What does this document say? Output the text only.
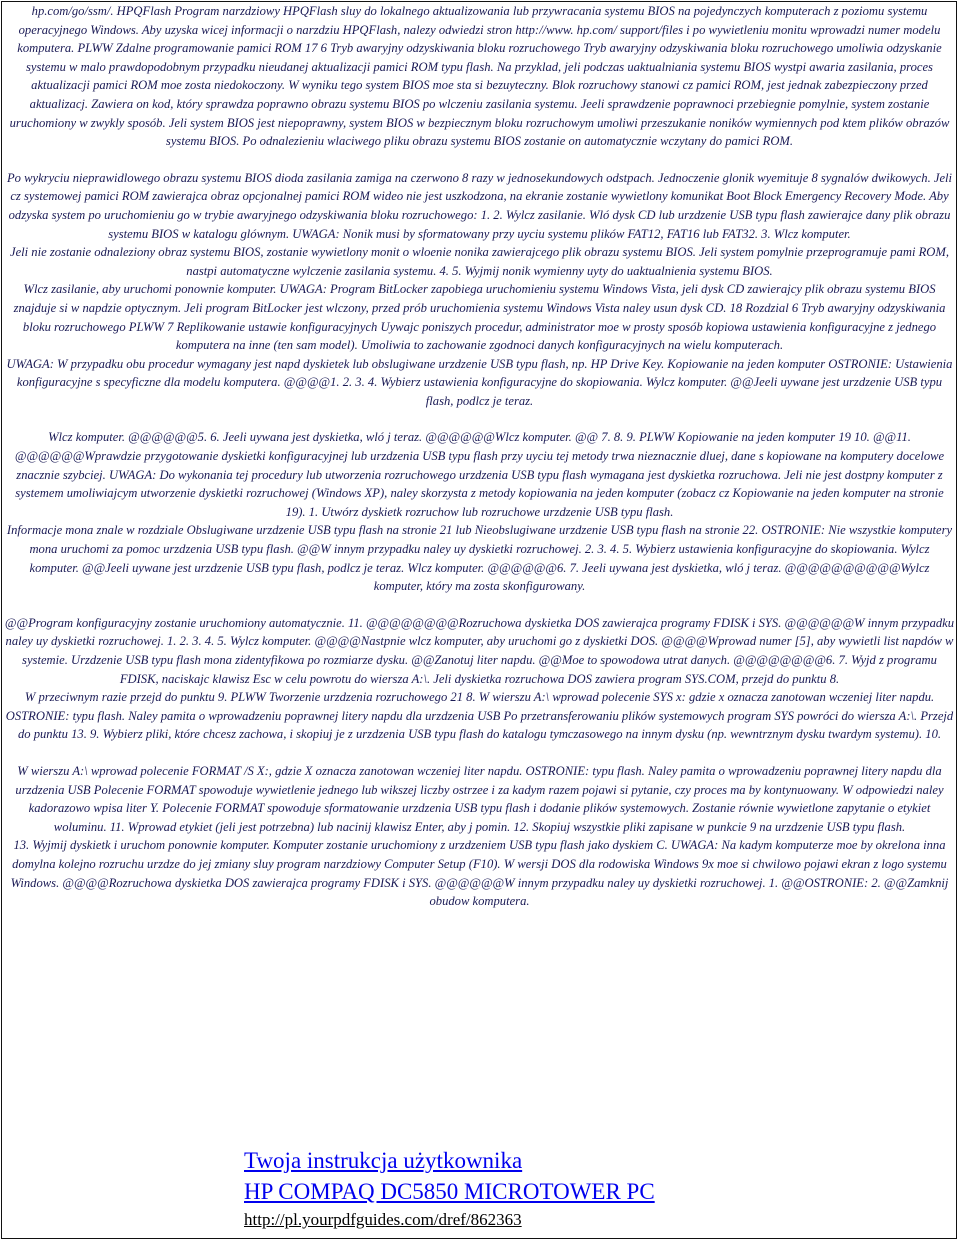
hp.com/go/ssm/. HPQFlash Program narzdziowy HPQFlash sluy do lokalnego aktualizowania lub przywracania systemu BIOS na pojedynczych komputerach z poziomu systemu operacyjnego Windows. Aby uzyska wicej informacji o narzdziu HPQFlash, nalezy odwiedzi stron http://www. hp.com/ support/files i po wywietleniu monitu wprowadzi numer modelu komputera. PLWW Zdalne programowanie pamici ROM 17 6 Tryb awaryjny odzyskiwania bloku rozruchowego Tryb awaryjny odzyskiwania bloku rozruchowego umoliwia odzyskanie systemu w malo prawdopodobnym przypadku nieudanej aktualizacji pamici ROM typu flash. Na przyklad, jeli podczas uaktualniania systemu BIOS wystpi awaria zasilania, proces aktualizacji pamici ROM moe zosta niedokoczony. W wyniku tego system BIOS moe sta si bezuyteczny. Blok rozruchowy stanowi cz pamici ROM, jest jednak zabezpieczony przed aktualizacj. Zawiera on kod, który sprawdza poprawno obrazu systemu BIOS po wlczeniu zasilania systemu. Jeeli sprawdzenie poprawnoci przebiegnie pomylnie, system zostanie uruchomiony w zwykly sposób. Jeli system BIOS jest niepoprawny, system BIOS w bezpiecznym bloku rozruchowym umoliwi przeszukanie noników wymiennych pod ktem plików obrazów systemu BIOS. Po odnalezieniu wlaciwego pliku obrazu systemu BIOS zostanie on automatycznie wczytany do pamici ROM.

Po wykryciu nieprawidlowego obrazu systemu BIOS dioda zasilania zamiga na czerwono 8 razy w jednosekundowych odstpach. Jednoczenie glonik wyemituje 8 sygnalów dwikowych. Jeli cz systemowej pamici ROM zawierajca obraz opcjonalnej pamici ROM wideo nie jest uszkodzona, na ekranie zostanie wywietlony komunikat Boot Block Emergency Recovery Mode. Aby odzyska system po uruchomieniu go w trybie awaryjnego odzyskiwania bloku rozruchowego: 1. 2. Wylcz zasilanie. Wló dysk CD lub urzdzenie USB typu flash zawierajce dany plik obrazu systemu BIOS w katalogu glównym. UWAGA: Nonik musi by sformatowany przy uyciu systemu plików FAT12, FAT16 lub FAT32. 3. Wlcz komputer.

Jeli nie zostanie odnaleziony obraz systemu BIOS, zostanie wywietlony monit o wloenie nonika zawierajcego plik obrazu systemu BIOS. Jeli system pomylnie przeprogramuje pami ROM, nastpi automatyczne wylczenie zasilania systemu. 4. 5. Wyjmij nonik wymienny uyty do uaktualnienia systemu BIOS.

Wlcz zasilanie, aby uruchomi ponownie komputer. UWAGA: Program BitLocker zapobiega uruchomieniu systemu Windows Vista, jeli dysk CD zawierajcy plik obrazu systemu BIOS znajduje si w napdzie optycznym. Jeli program BitLocker jest wlczony, przed prób uruchomienia systemu Windows Vista naley usun dysk CD. 18 Rozdzial 6 Tryb awaryjny odzyskiwania bloku rozruchowego PLWW 7 Replikowanie ustawie konfiguracyjnych Uywajc poniszych procedur, administrator moe w prosty sposób kopiowa ustawienia konfiguracyjne z jednego komputera na inne (ten sam model). Umoliwia to zachowanie zgodnoci danych konfiguracyjnych na wielu komputerach.

UWAGA: W przypadku obu procedur wymagany jest napd dyskietek lub obslugiwane urzdzenie USB typu flash, np. HP Drive Key. Kopiowanie na jeden komputer OSTRONIE: Ustawienia konfiguracyjne s specyficzne dla modelu komputera. @@@@1. 2. 3. 4. Wybierz ustawienia konfiguracyjne do skopiowania. Wylcz komputer. @@Jeeli uywane jest urzdzenie USB typu flash, podlcz je teraz.

Wlcz komputer. @@@@@@5. 6. Jeeli uywana jest dyskietka, wló j teraz. @@@@@@Wlcz komputer. @@ 7. 8. 9. PLWW Kopiowanie na jeden komputer 19 10. @@11.

@@@@@@Wprawdzie przygotowanie dyskietki konfiguracyjnej lub urzdzenia USB typu flash przy uyciu tej metody trwa nieznacznie dluej, dane s kopiowane na komputery docelowe znacznie szybciej. UWAGA: Do wykonania tej procedury lub utworzenia rozruchowego urzdzenia USB typu flash wymagana jest dyskietka rozruchowa. Jeli nie jest dostpny komputer z systemem umoliwiajcym utworzenie dyskietki rozruchowej (Windows XP), naley skorzysta z metody kopiowania na jeden komputer (zobacz cz Kopiowanie na jeden komputer na stronie 19). 1. Utwórz dyskietk rozruchow lub rozruchowe urzdzenie USB typu flash.

Informacje mona znale w rozdziale Obslugiwane urzdzenie USB typu flash na stronie 21 lub Nieobslugiwane urzdzenie USB typu flash na stronie 22. OSTRONIE: Nie wszystkie komputery mona uruchomi za pomoc urzdzenia USB typu flash. @@W innym przypadku naley uy dyskietki rozruchowej. 2. 3. 4. 5. Wybierz ustawienia konfiguracyjne do skopiowania. Wylcz komputer. @@Jeeli uywane jest urzdzenie USB typu flash, podlcz je teraz. Wlcz komputer. @@@@@@6. 7. Jeeli uywana jest dyskietka, wló j teraz. @@@@@@@@@@Wylcz komputer, który ma zosta skonfigurowany.

@@Program konfiguracyjny zostanie uruchomiony automatycznie. 11. @@@@@@@@Rozruchowa dyskietka DOS zawierajca programy FDISK i SYS. @@@@@@W innym przypadku naley uy dyskietki rozruchowej. 1. 2. 3. 4. 5. Wylcz komputer. @@@@Nastpnie wlcz komputer, aby uruchomi go z dyskietki DOS. @@@@Wprowad numer [5], aby wywietli list napdów w systemie. Urzdzenie USB typu flash mona zidentyfikowa po rozmiarze dysku. @@Zanotuj liter napdu. @@Moe to spowodowa utrat danych. @@@@@@@@6. 7. Wyjd z programu FDISK, naciskajc klawisz Esc w celu powrotu do wiersza A:\. Jeli dyskietka rozruchowa DOS zawiera program SYS.COM, przejd do punktu 8.

W przeciwnym razie przejd do punktu 9. PLWW Tworzenie urzdzenia rozruchowego 21 8. W wierszu A:\ wprowad polecenie SYS x: gdzie x oznacza zanotowan wczeniej liter napdu. OSTRONIE: typu flash. Naley pamita o wprowadzeniu poprawnej litery napdu dla urzdzenia USB Po przetransferowaniu plików systemowych program SYS powróci do wiersza A:\. Przejd do punktu 13. 9. Wybierz pliki, które chcesz zachowa, i skopiuj je z urzdzenia USB typu flash do katalogu tymczasowego na innym dysku (np. wewntrznym dysku twardym systemu). 10.

W wierszu A:\ wprowad polecenie FORMAT /S X:, gdzie X oznacza zanotowan wczeniej liter napdu. OSTRONIE: typu flash. Naley pamita o wprowadzeniu poprawnej litery napdu dla urzdzenia USB Polecenie FORMAT spowoduje wywietlenie jednego lub wikszej liczby ostrzee i za kadym razem pojawi si pytanie, czy proces ma by kontynuowany. W odpowiedzi naley kadorazowo wpisa liter Y. Polecenie FORMAT spowoduje sformatowanie urzdzenia USB typu flash i dodanie plików systemowych. Zostanie równie wywietlone zapytanie o etykiet woluminu. 11. Wprowad etykiet (jeli jest potrzebna) lub nacinij klawisz Enter, aby j pomin. 12. Skopiuj wszystkie pliki zapisane w punkcie 9 na urzdzenie USB typu flash.

13. Wyjmij dyskietk i uruchom ponownie komputer. Komputer zostanie uruchomiony z urzdzeniem USB typu flash jako dyskiem C. UWAGA: Na kadym komputerze moe by okrelona inna domylna kolejno rozruchu urzdze do jej zmiany sluy program narzdziowy Computer Setup (F10). W wersji DOS dla rodowiska Windows 9x moe si chwilowo pojawi ekran z logo systemu Windows. @@@@Rozruchowa dyskietka DOS zawierajca programy FDISK i SYS. @@@@@@W innym przypadku naley uy dyskietki rozruchowej. 1. @@OSTRONIE: 2. @@Zamknij obudow komputera.

Twoja instrukcja użytkownika
HP COMPAQ DC5850 MICROTOWER PC
http://pl.yourpdfguides.com/dref/862363
